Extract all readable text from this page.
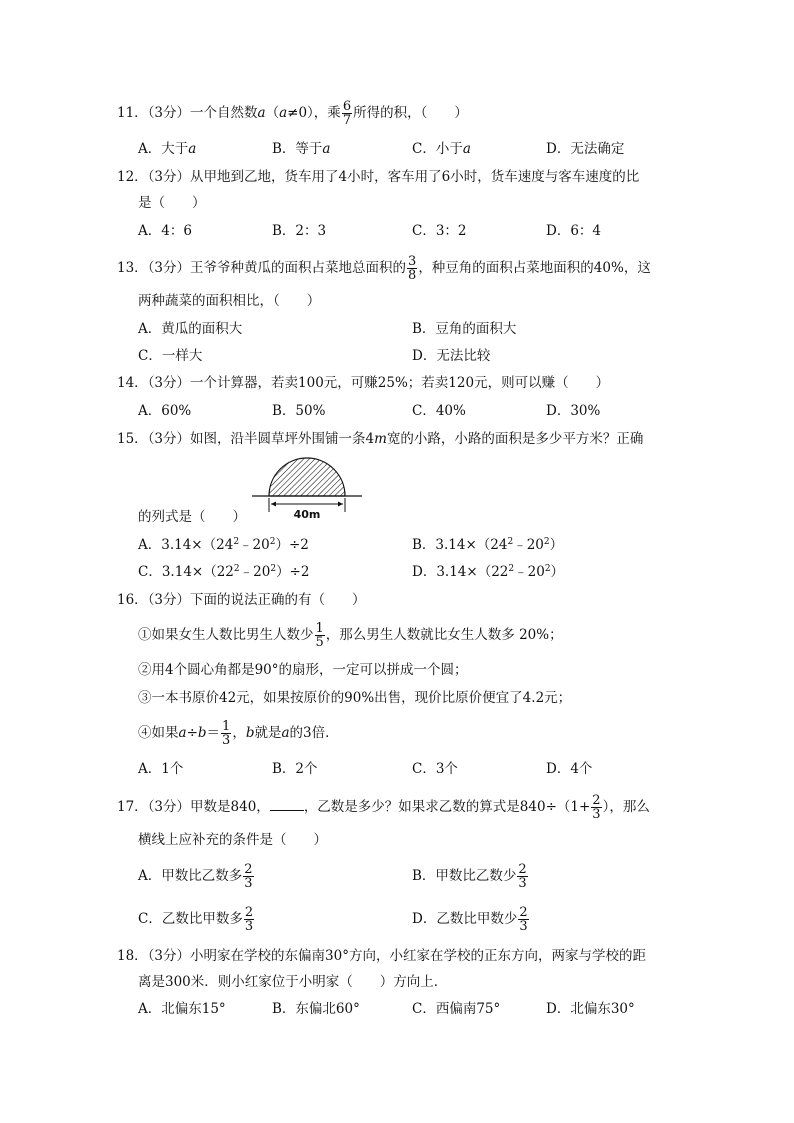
11．（3分）一个自然数a（a≠0），乘 $\frac{6}{7}$ 所得的积，（　　）
A．大于a	B．等于a	C．小于a	D．无法确定
12．（3分）从甲地到乙地，货车用了4小时，客车用了6小时，货车速度与客车速度的比
是（　　）
A．4：6	B．2：3	C．3：2	D．6：4
13．（3分）王爷爷种黄瓜的面积占菜地总面积的 $\frac{3}{8}$ ，种豆角的面积占菜地面积的40%，这
两种蔬菜的面积相比，（　　）
A．黄瓜的面积大	B．豆角的面积大
C．一样大	D．无法比较
14．（3分）一个计算器，若卖100元，可赚25%；若卖120元，则可以赚（　　）
A．60%	B．50%	C．40%	D．30%
15．（3分）如图，沿半圆草坪外围铺一条4m宽的小路，小路的面积是多少平方米？正确
40m
的列式是（　　）
A．$3.14\times(24^2﹣20^2)\div 2$	B．$3.14\times(24^2﹣20^2)$
C．$3.14\times(22^2﹣20^2)\div 2$	D．$3.14\times(22^2﹣20^2)$
16．（3分）下面的说法正确的有（　　）
①如果女生人数比男生人数少 $\frac{1}{5}$ ，那么男生人数就比女生人数多 20%；
②用4个圆心角都是90°的扇形，一定可以拼成一个圆；
③一本书原价42元，如果按原价的90%出售，现价比原价便宜了4.2元；
④如果$a\div b= \frac{1}{3}$ ，b就是a的3倍．
A．1个	B．2个	C．3个	D．4个
17．（3分）甲数是840，	，乙数是多少？如果求乙数的算式是$840\div(1+ \frac{2}{3}$ ），那么
横线上应补充的条件是（　　）
A．甲数比乙数多 $\frac{2}{3}$	B．甲数比乙数少 $\frac{2}{3}$
C．乙数比甲数多 $\frac{2}{3}$	D．乙数比甲数少 $\frac{2}{3}$
18．（3分）小明家在学校的东偏南30°方向，小红家在学校的正东方向，两家与学校的距
离是300米．则小红家位于小明家（　　）方向上．
A．北偏东15°	B．东偏北60°	C．西偏南75°	D．北偏东30°
